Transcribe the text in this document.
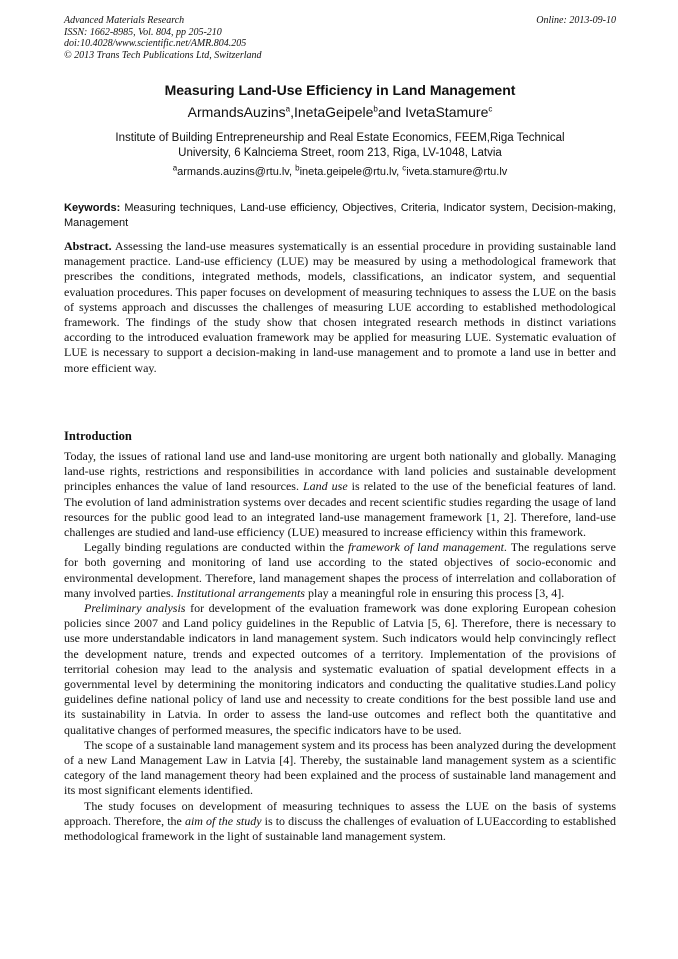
Advanced Materials Research
ISSN: 1662-8985, Vol. 804, pp 205-210
doi:10.4028/www.scientific.net/AMR.804.205
© 2013 Trans Tech Publications Ltd, Switzerland
Online: 2013-09-10
Measuring Land-Use Efficiency in Land Management
ArmandsAuzins$^a$,InetaGeipele$^b$and IvetaStamure$^c$
Institute of Building Entrepreneurship and Real Estate Economics, FEEM,Riga Technical
University, 6 Kalnciema Street, room 213, Riga, LV-1048, Latvia
$^a$armands.auzins@rtu.lv, $^b$ineta.geipele@rtu.lv, $^c$iveta.stamure@rtu.lv
Keywords: Measuring techniques, Land-use efficiency, Objectives, Criteria, Indicator system, Decision-making, Management
Abstract. Assessing the land-use measures systematically is an essential procedure in providing sustainable land management practice. Land-use efficiency (LUE) may be measured by using a methodological framework that prescribes the conditions, integrated methods, models, classifications, an indicator system, and sequential evaluation procedures. This paper focuses on development of measuring techniques to assess the LUE on the basis of systems approach and discusses the challenges of measuring LUE according to established methodological framework. The findings of the study show that chosen integrated research methods in distinct variations according to the introduced evaluation framework may be applied for measuring LUE. Systematic evaluation of LUE is necessary to support a decision-making in land-use management and to promote a land use in better and more efficient way.
Introduction

Today, the issues of rational land use and land-use monitoring are urgent both nationally and globally. Managing land-use rights, restrictions and responsibilities in accordance with land policies and sustainable development principles enhances the value of land resources. Land use is related to the use of the beneficial features of land. The evolution of land administration systems over decades and recent scientific studies regarding the usage of land resources for the public good lead to an integrated land-use management framework [1, 2]. Therefore, land-use challenges are studied and land-use efficiency (LUE) measured to increase efficiency within this framework.

Legally binding regulations are conducted within the framework of land management. The regulations serve for both governing and monitoring of land use according to the stated objectives of socio-economic and environmental development. Therefore, land management shapes the process of interrelation and collaboration of many involved parties. Institutional arrangements play a meaningful role in ensuring this process [3, 4].

Preliminary analysis for development of the evaluation framework was done exploring European cohesion policies since 2007 and Land policy guidelines in the Republic of Latvia [5, 6]. Therefore, there is necessary to use more understandable indicators in land management system. Such indicators would help convincingly reflect the development nature, trends and expected outcomes of a territory. Implementation of the provisions of territorial cohesion may lead to the analysis and systematic evaluation of spatial development effects in a governmental level by determining the monitoring indicators and conducting the qualitative studies.Land policy guidelines define national policy of land use and necessity to create conditions for the best possible land use and its sustainability in Latvia. In order to assess the land-use outcomes and reflect both the quantitative and qualitative changes of performed measures, the specific indicators have to be used.

The scope of a sustainable land management system and its process has been analyzed during the development of a new Land Management Law in Latvia [4]. Thereby, the sustainable land management system as a scientific category of the land management theory had been explained and the process of sustainable land management and its most significant elements identified.

The study focuses on development of measuring techniques to assess the LUE on the basis of systems approach. Therefore, the aim of the study is to discuss the challenges of evaluation of LUEaccording to established methodological framework in the light of sustainable land management system.
